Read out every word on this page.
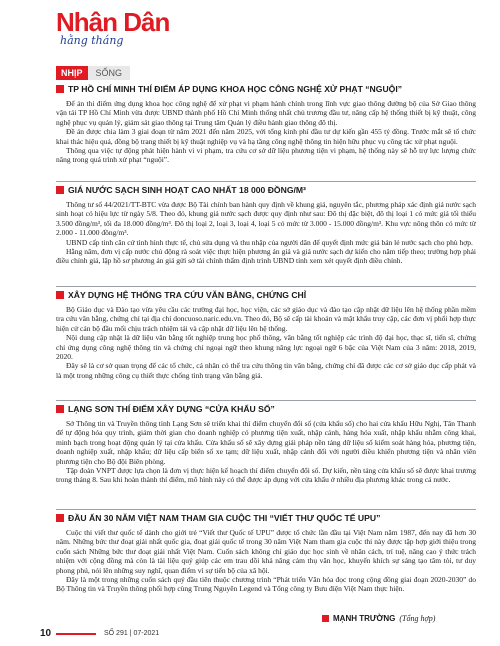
Nhân Dân
hằng tháng
NHỊP	SỐNG
TP HỒ CHÍ MINH THÍ ĐIỂM ÁP DỤNG KHOA HỌC CÔNG NGHỆ XỬ PHẠT “NGUỘI”

Để ản thi điểm ứng dụng khoa học công nghệ để xử phạt vi phạm hành chính trong lĩnh vực giao thông đường bộ của Sở Giao thông vận tải TP Hồ Chí Minh vừa được UBND thành phố Hồ Chí Minh thống nhất chủ trương đầu tư, nâng cấp hệ thống thiết bị kỹ thuật, công nghệ phục vụ quản lý, giám sát giao thông tại Trung tâm Quản lý điều hành giao thông đô thị.

Đề án được chia làm 3 giai đoạn từ năm 2021 đến năm 2025, với tổng kinh phí đầu tư dự kiến gần 455 tỷ đồng. Trước mắt sẽ tổ chức khai thác hiệu quả, đồng bộ trang thiết bị kỹ thuật nghiệp vụ và hạ tầng công nghệ thông tin hiện hữu phục vụ công tác xử phạt nguội.

Thông qua việc tự động phát hiện hành vi vi phạm, tra cứu cơ sở dữ liệu phương tiện vi phạm, hệ thống này sẽ hỗ trợ lực lượng chức năng trong quá trình xử phạt “nguội”.

GIÁ NƯỚC SẠCH SINH HOẠT CAO NHẤT 18 000 ĐỒNG/M³

Thông tư số 44/2021/TT-BTC vừa được Bộ Tài chính ban hành quy định về khung giá, nguyên tắc, phương pháp xác định giá nước sạch sinh hoạt có hiệu lực từ ngày 5/8. Theo đó, khung giá nước sạch được quy định như sau: Đô thị đặc biệt, đô thị loại 1 có mức giá tối thiểu 3.500 đồng/m³, tối đa 18.000 đồng/m³. Đô thị loại 2, loại 3, loại 4, loại 5 có mức từ 3.000 - 15.000 đồng/m³. Khu vực nông thôn có mức từ 2.000 - 11.000 đồng/m³.

UBND cấp tỉnh căn cứ tình hình thực tế, chủ sửa dụng và thu nhập của người dân để quyết định mức giá bán lẻ nước sạch cho phù hợp.

Hằng năm, đơn vị cấp nước chủ động rà soát việc thực hiện phương án giá và giá nước sạch dự kiến cho năm tiếp theo; trường hợp phải điều chỉnh giá, lập hồ sơ phương án giá gửi sở tài chính thẩm định trình UBND tỉnh xem xét quyết định điều chỉnh.

XÂY DỰNG HỆ THỐNG TRA CỨU VĂN BẰNG, CHỨNG CHỈ

Bộ Giáo dục và Đào tạo vừa yêu cầu các trường đại học, học viện, các sở giáo dục và đào tạo cập nhật dữ liệu lên hệ thống phần mềm tra cứu văn bằng, chứng chỉ tại địa chỉ doncuoso.naric.edu.vn. Theo đó, Bộ sẽ cấp tài khoản và mật khẩu truy cập, các đơn vị phối hợp thực hiện cử cán bộ đầu mối chịu trách nhiệm tải và cập nhật dữ liệu lên hệ thống.

Nội dung cập nhật là dữ liệu văn bằng tốt nghiệp trung học phổ thông, văn bằng tốt nghiệp các trình độ đại học, thạc sĩ, tiến sĩ, chứng chỉ ứng dụng công nghệ thông tin và chứng chỉ ngoại ngữ theo khung năng lực ngoại ngữ 6 bậc của Việt Nam của 3 năm: 2018, 2019, 2020.

Đây sẽ là cơ sở quan trọng để các tổ chức, cá nhân có thể tra cứu thông tin văn bằng, chứng chỉ đã được các cơ sở giáo dục cấp phát và là một trong những công cụ thiết thực chống tình trạng văn bằng giả.

LẠNG SƠN THÍ ĐIỂM XÂY DỰNG “CỬA KHẨU SỐ”

Sở Thông tin và Truyền thông tỉnh Lạng Sơn sẽ triển khai thí điểm chuyển đổi số (cửa khẩu số) cho hai cửa khẩu Hữu Nghị, Tân Thanh để tự động hóa quy trình, giảm thời gian cho doanh nghiệp có phương tiện xuất, nhập cảnh, hàng hóa xuất, nhập khẩu nhằm công khai, minh bạch trong hoạt động quản lý tại cửa khẩu. Cửa khẩu số sẽ xây dựng giải pháp nền tảng dữ liệu số kiểm soát hàng hóa, phương tiện, doanh nghiệp xuất, nhập khẩu; dữ liệu cấp biển số xe tạm; dữ liệu xuất, nhập cảnh đối với người điều khiển phương tiện và nhân viên phương tiện cho Bộ đội Biên phòng.

Tập đoàn VNPT được lựa chọn là đơn vị thực hiện kế hoạch thí điểm chuyển đổi số. Dự kiến, nền tảng cửa khẩu số sẽ được khai trương trong tháng 8. Sau khi hoàn thành thí điểm, mô hình này có thể được áp dụng với cửa khẩu ở nhiều địa phương khác trong cả nước.

ĐẦU ẤN 30 NĂM VIỆT NAM THAM GIA CUỘC THI “VIẾT THƯ QUỐC TẾ UPU”

Cuộc thi viết thư quốc tế dành cho giới trẻ “Viết thư Quốc tế UPU” được tổ chức lần đầu tại Việt Nam năm 1987, đến nay đã hơn 30 năm. Những bức thư đoạt giải nhất quốc gia, đoạt giải quốc tế trong 30 năm Việt Nam tham gia cuộc thi này được tập hợp giới thiệu trong cuốn sách Những bức thư đoạt giải nhất Việt Nam. Cuốn sách không chỉ giáo dục học sinh về nhân cách, trí tuệ, nâng cao ý thức trách nhiệm với cộng đồng mà còn là tài liệu quý giúp các em trau dồi khả năng cảm thụ văn học, khuyến khích sự sáng tạo tâm tòi, tư duy phong phú, nói lên những suy nghĩ, quan điểm vì sự tiến bộ của xã hội.

Đây là một trong những cuốn sách quý đầu tiên thuộc chương trình “Phát triển Văn hóa đọc trong cộng đồng giai đoạn 2020-2030” do Bộ Thông tin và Truyền thông phối hợp cùng Trung Nguyên Legend và Tổng công ty Bưu điện Việt Nam thực hiện.

MẠNH TRƯỜNG (Tổng hợp)
10	SỐ 291 | 07-2021
